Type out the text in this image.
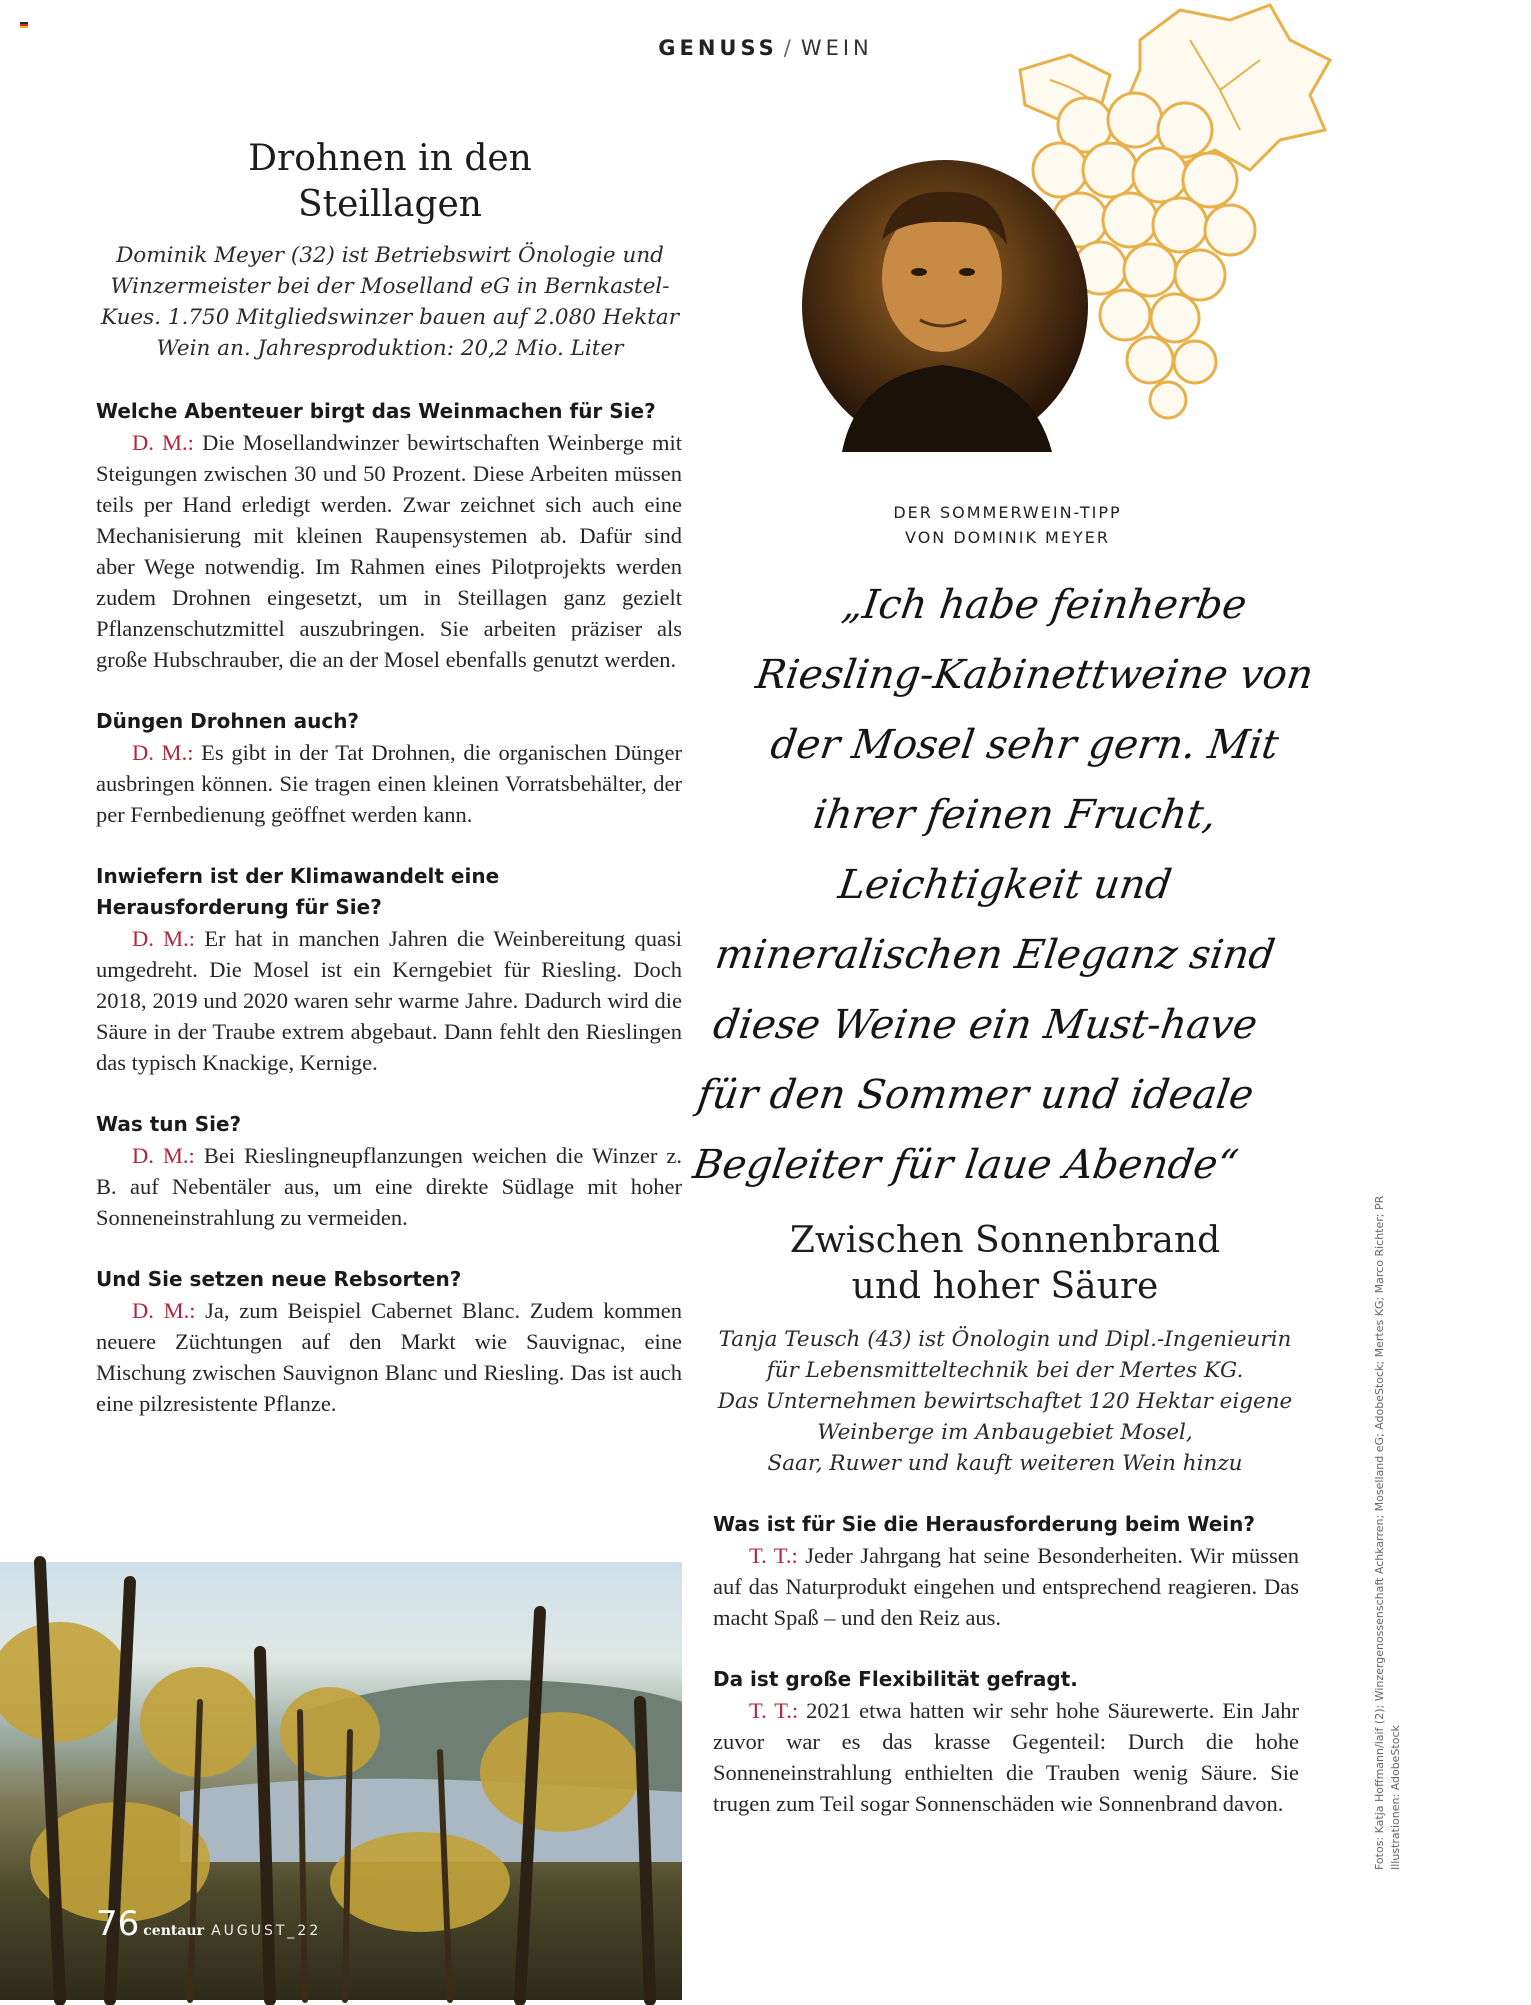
GENUSS / WEIN
Drohnen in den
Steillagen

Dominik Meyer (32) ist Betriebswirt Önologie und
Winzermeister bei der Moselland eG in Bernkastel-
Kues. 1.750 Mitgliedswinzer bauen auf 2.080 Hektar
Wein an. Jahresproduktion: 20,2 Mio. Liter

Welche Abenteuer birgt das Weinmachen für Sie?

D. M.: Die Mosellandwinzer bewirtschaften Weinberge mit Steigungen zwischen 30 und 50 Prozent. Diese Arbeiten müssen teils per Hand erledigt werden. Zwar zeichnet sich auch eine Mechanisierung mit kleinen Raupensystemen ab. Dafür sind aber Wege notwendig. Im Rahmen eines Pilotprojekts werden zudem Drohnen eingesetzt, um in Steillagen ganz gezielt Pflanzenschutzmittel auszubringen. Sie arbeiten präziser als große Hubschrauber, die an der Mosel ebenfalls genutzt werden.

Düngen Drohnen auch?

D. M.: Es gibt in der Tat Drohnen, die organischen Dünger ausbringen können. Sie tragen einen kleinen Vorratsbehälter, der per Fernbedienung geöffnet werden kann.

Inwiefern ist der Klimawandelt eine Herausforderung für Sie?

D. M.: Er hat in manchen Jahren die Weinbereitung quasi umgedreht. Die Mosel ist ein Kerngebiet für Riesling. Doch 2018, 2019 und 2020 waren sehr warme Jahre. Dadurch wird die Säure in der Traube extrem abgebaut. Dann fehlt den Rieslingen das typisch Knackige, Kernige.

Was tun Sie?

D. M.: Bei Rieslingneupflanzungen weichen die Winzer z. B. auf Nebentäler aus, um eine direkte Südlage mit hoher Sonneneinstrahlung zu vermeiden.

Und Sie setzen neue Rebsorten?

D. M.: Ja, zum Beispiel Cabernet Blanc. Zudem kommen neuere Züchtungen auf den Markt wie Sauvignac, eine Mischung zwischen Sauvignon Blanc und Riesling. Das ist auch eine pilzresistente Pflanze.

DER SOMMERWEIN-TIPP
VON DOMINIK MEYER

„Ich habe feinherbe Riesling-Kabinettweine von der Mosel sehr gern. Mit ihrer feinen Frucht, Leichtigkeit und mineralischen Eleganz sind diese Weine ein Must-have für den Sommer und ideale Begleiter für laue Abende“

Zwischen Sonnenbrand
und hoher Säure

Tanja Teusch (43) ist Önologin und Dipl.-Ingenieurin
für Lebensmitteltechnik bei der Mertes KG.
Das Unternehmen bewirtschaftet 120 Hektar eigene
Weinberge im Anbaugebiet Mosel,
Saar, Ruwer und kauft weiteren Wein hinzu

Was ist für Sie die Herausforderung beim Wein?

T. T.: Jeder Jahrgang hat seine Besonderheiten. Wir müssen auf das Naturprodukt eingehen und entsprechend reagieren. Das macht Spaß – und den Reiz aus.

Da ist große Flexibilität gefragt.

T. T.: 2021 etwa hatten wir sehr hohe Säurewerte. Ein Jahr zuvor war es das krasse Gegenteil: Durch die hohe Sonneneinstrahlung enthielten die Trauben wenig Säure. Sie trugen zum Teil sogar Sonnenschäden wie Sonnenbrand davon.

76 centaur AUGUST_22
Fotos: Katja Hoffmann/laif (2); Winzergenossenschaft Achkarren; Moselland eG; AdobeStock; Mertes KG; Marco Richter; PR Illustrationen: AdobeStock
